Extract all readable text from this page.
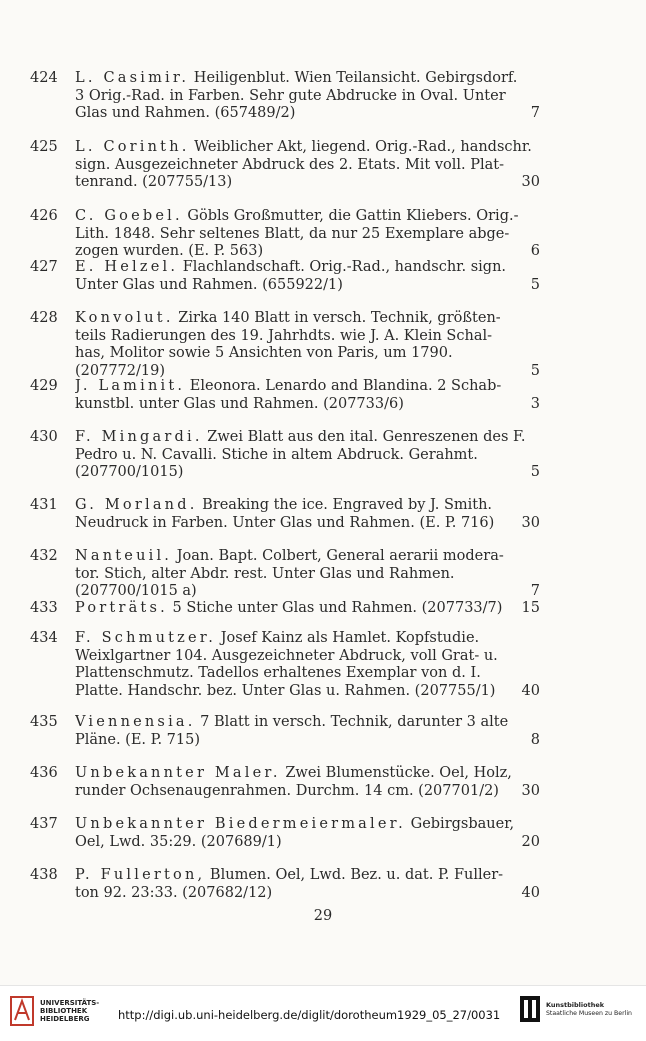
424	L. Casimir. Heiligenblut. Wien Teilansicht. Gebirgsdorf.
3 Orig.-Rad. in Farben. Sehr gute Abdrucke in Oval. Unter
Glas und Rahmen. (657489/2)	7
425	L. Corinth. Weiblicher Akt, liegend. Orig.-Rad., handschr.
sign. Ausgezeichneter Abdruck des 2. Etats. Mit voll. Plat-
tenrand. (207755/13)	30
426	C. Goebel. Göbls Großmutter, die Gattin Kliebers. Orig.-
Lith. 1848. Sehr seltenes Blatt, da nur 25 Exemplare abge-
zogen wurden. (E. P. 563)	6
427	E. Helzel. Flachlandschaft. Orig.-Rad., handschr. sign.
Unter Glas und Rahmen. (655922/1)	5
428	Konvolut. Zirka 140 Blatt in versch. Technik, größten-
teils Radierungen des 19. Jahrhdts. wie J. A. Klein Schal-
has, Molitor sowie 5 Ansichten von Paris, um 1790.
(207772/19)	5
429	J. Laminit. Eleonora. Lenardo and Blandina. 2 Schab-
kunstbl. unter Glas und Rahmen. (207733/6)	3
430	F. Mingardi. Zwei Blatt aus den ital. Genreszenen des F.
Pedro u. N. Cavalli. Stiche in altem Abdruck. Gerahmt.
(207700/1015)	5
431	G. Morland. Breaking the ice. Engraved by J. Smith.
Neudruck in Farben. Unter Glas und Rahmen. (E. P. 716)	30
432	Nanteuil. Joan. Bapt. Colbert, General aerarii modera-
tor. Stich, alter Abdr. rest. Unter Glas und Rahmen.
(207700/1015 a)	7
433	Porträts. 5 Stiche unter Glas und Rahmen. (207733/7)	15
434	F. Schmutzer. Josef Kainz als Hamlet. Kopfstudie.
Weixlgartner 104. Ausgezeichneter Abdruck, voll Grat- u.
Plattenschmutz. Tadellos erhaltenes Exemplar von d. I.
Platte. Handschr. bez. Unter Glas u. Rahmen. (207755/1)	40
435	Viennensia. 7 Blatt in versch. Technik, darunter 3 alte
Pläne. (E. P. 715)	8
436	Unbekannter Maler. Zwei Blumenstücke. Oel, Holz,
runder Ochsenaugenrahmen. Durchm. 14 cm. (207701/2)	30
437	Unbekannter Biedermeiermaler. Gebirgsbauer,
Oel, Lwd. 35:29. (207689/1)	20
438	P. Fullerton, Blumen. Oel, Lwd. Bez. u. dat. P. Fuller-
ton 92. 23:33. (207682/12)	40
29
UNIVERSITÄTS-
BIBLIOTHEK
HEIDELBERG	http://digi.ub.uni-heidelberg.de/diglit/dorotheum1929_05_27/0031
Kunstbibliothek
Staatliche Museen zu Berlin
